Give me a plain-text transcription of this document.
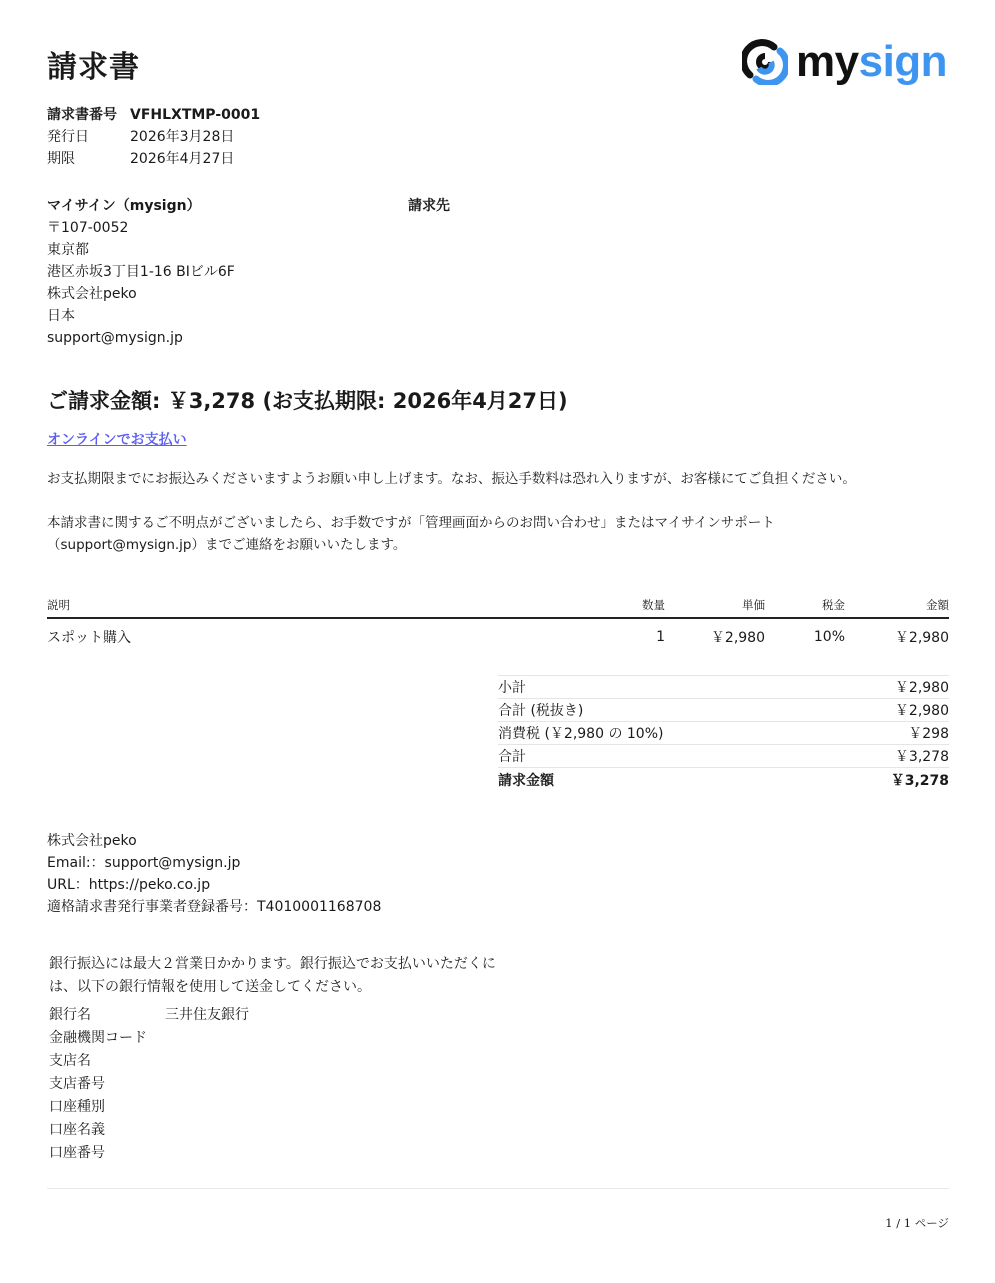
請求書	mysign
請求書番号 VFHLXTMP-0001
発行日	2026年3月28日
期限	2026年4月27日
マイサイン（mysign）
〒107-0052
東京都
港区赤坂3丁目1-16 BIビル6F
株式会社peko
日本
support@mysign.jp
請求先
ご請求金額: ￥3,278 (お支払期限: 2026年4月27日)
オンラインでお支払い

お支払期限までにお振込みくださいますようお願い申し上げます。なお、振込手数料は恐れ入りますが、お客様にてご負担ください。

本請求書に関するご不明点がございましたら、お手数ですが「管理画面からのお問い合わせ」またはマイサインサポート（support@mysign.jp）までご連絡をお願いいたします。

説明	数量	単価	税金	金額
スポット購入	1	￥2,980	10%	￥2,980
小計	￥2,980
合計 (税抜き)	￥2,980
消費税 (￥2,980 の 10%)	￥298
合計	￥3,278
請求金額	￥3,278
株式会社peko
Email:：support@mysign.jp
URL：https://peko.co.jp
適格請求書発行事業者登録番号：T4010001168708
銀行振込には最大２営業日かかります。銀行振込でお支払いいただくには、以下の銀行情報を使用して送金してください。
銀行名	三井住友銀行
金融機関コード
支店名
支店番号
口座種別
口座名義
口座番号
1 / 1 ページ
